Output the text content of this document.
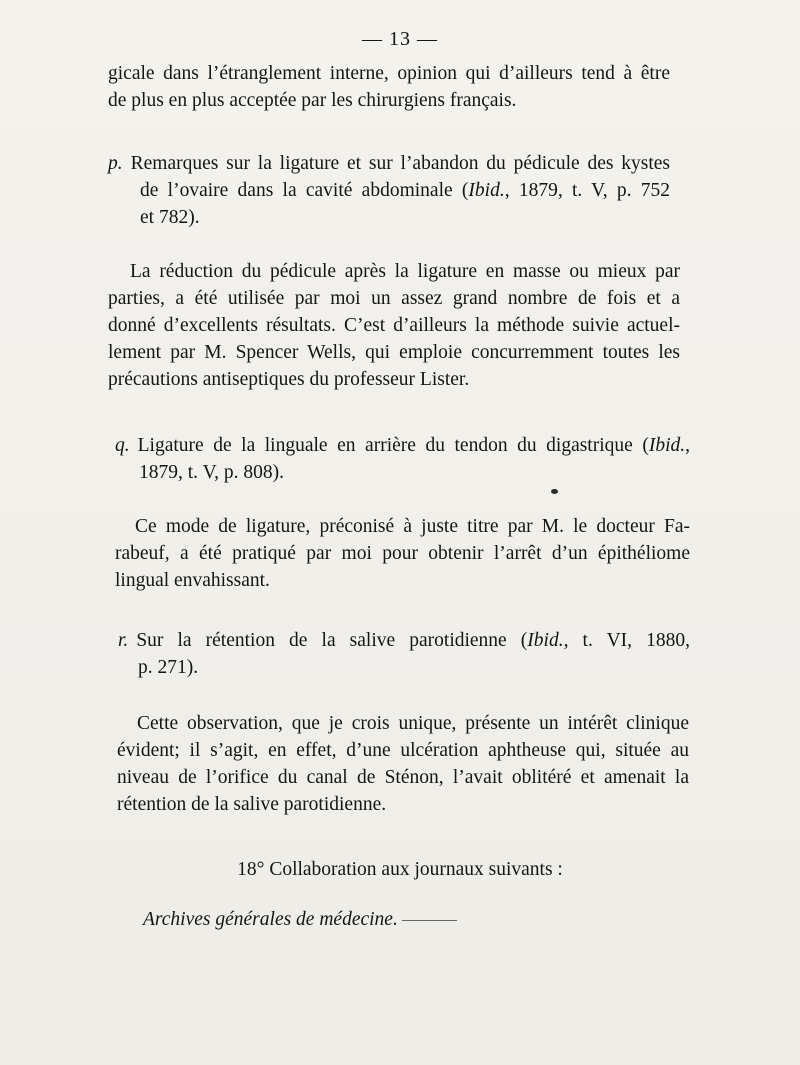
— 13 —
gicale dans l’étranglement interne, opinion qui d’ailleurs tend à être
de plus en plus acceptée par les chirurgiens français.
p. Remarques sur la ligature et sur l’abandon du pédicule des kystes
de l’ovaire dans la cavité abdominale (Ibid., 1879, t. V, p. 752
et 782).
La réduction du pédicule après la ligature en masse ou mieux par
parties, a été utilisée par moi un assez grand nombre de fois et a
donné d’excellents résultats. C’est d’ailleurs la méthode suivie actuel-
lement par M. Spencer Wells, qui emploie concurremment toutes les
précautions antiseptiques du professeur Lister.
q. Ligature de la linguale en arrière du tendon du digastrique (Ibid.,
1879, t. V, p. 808).
Ce mode de ligature, préconisé à juste titre par M. le docteur Fa-
rabeuf, a été pratiqué par moi pour obtenir l’arrêt d’un épithéliome
lingual envahissant.
r. Sur la rétention de la salive parotidienne (Ibid., t. VI, 1880,
p. 271).
Cette observation, que je crois unique, présente un intérêt clinique
évident; il s’agit, en effet, d’une ulcération aphtheuse qui, située au
niveau de l’orifice du canal de Sténon, l’avait oblitéré et amenait la
rétention de la salive parotidienne.
18° Collaboration aux journaux suivants :
Archives générales de médecine.
